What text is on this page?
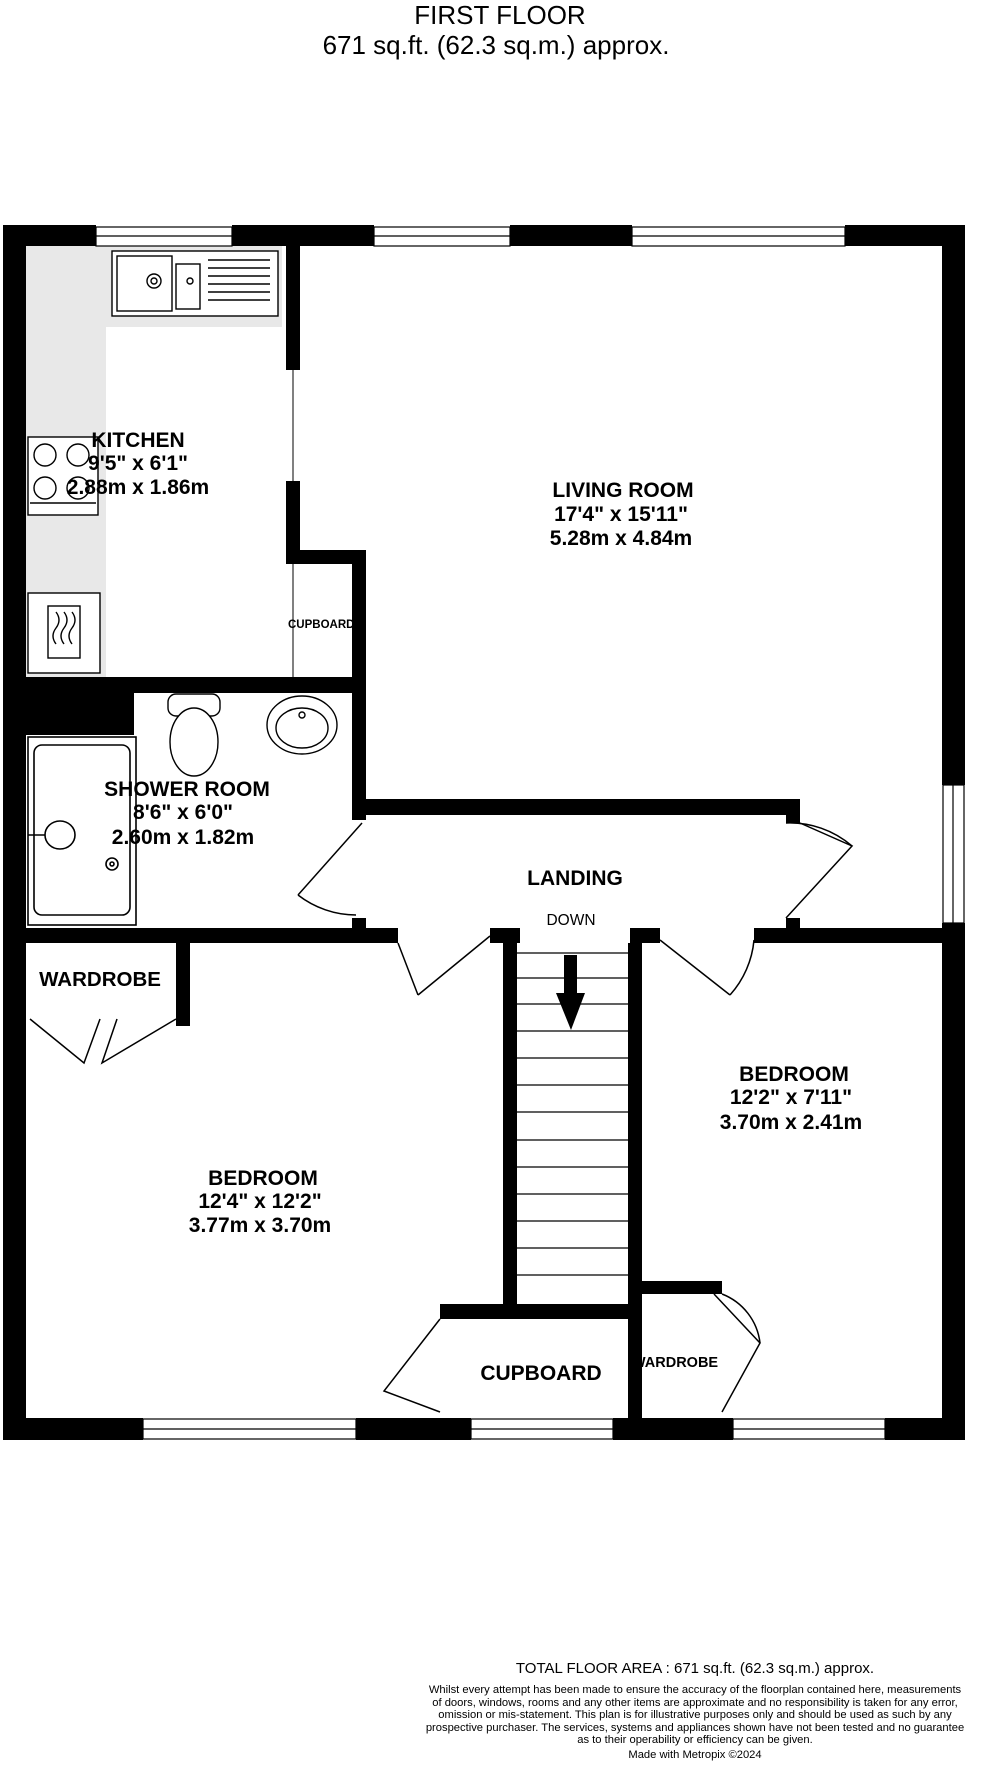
FIRST FLOOR
671 sq.ft. (62.3 sq.m.) approx.
KITCHEN
9'5" x 6'1"
2.88m x 1.86m
CUPBOARD
LIVING ROOM
17'4" x 15'11"
5.28m x 4.84m
SHOWER ROOM
8'6" x 6'0"
2.60m x 1.82m
LANDING
DOWN
WARDROBE
BEDROOM
12'4" x 12'2"
3.77m x 3.70m
BEDROOM
12'2" x 7'11"
3.70m x 2.41m
CUPBOARD WARDROBE
TOTAL FLOOR AREA : 671 sq.ft. (62.3 sq.m.) approx.
Whilst every attempt has been made to ensure the accuracy of the floorplan contained here, measurements
of doors, windows, rooms and any other items are approximate and no responsibility is taken for any error,
omission or mis-statement. This plan is for illustrative purposes only and should be used as such by any
prospective purchaser. The services, systems and appliances shown have not been tested and no guarantee
as to their operability or efficiency can be given.
Made with Metropix ©2024
